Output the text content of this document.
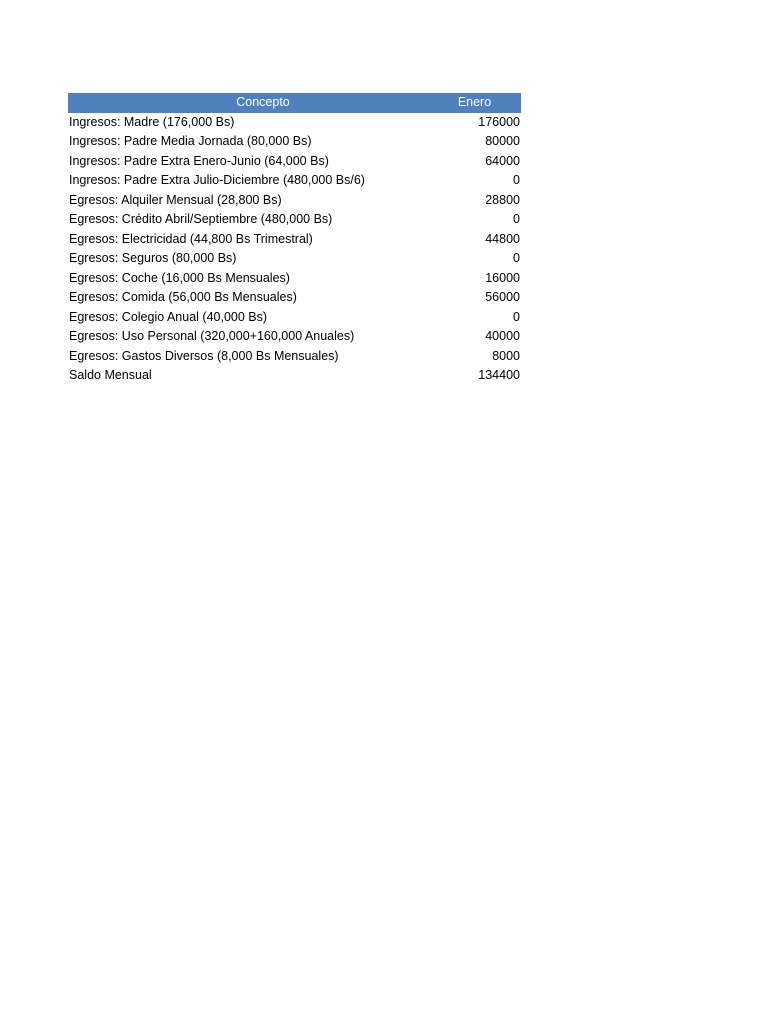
Concepto	Enero
Ingresos: Madre (176,000 Bs)	176000
Ingresos: Padre Media Jornada (80,000 Bs)	80000
Ingresos: Padre Extra Enero-Junio (64,000 Bs)	64000
Ingresos: Padre Extra Julio-Diciembre (480,000 Bs/6)	0
Egresos: Alquiler Mensual (28,800 Bs)	28800
Egresos: Crédito Abril/Septiembre (480,000 Bs)	0
Egresos: Electricidad (44,800 Bs Trimestral)	44800
Egresos: Seguros (80,000 Bs)	0
Egresos: Coche (16,000 Bs Mensuales)	16000
Egresos: Comida (56,000 Bs Mensuales)	56000
Egresos: Colegio Anual (40,000 Bs)	0
Egresos: Uso Personal (320,000+160,000 Anuales)	40000
Egresos: Gastos Diversos (8,000 Bs Mensuales)	8000
Saldo Mensual	134400
